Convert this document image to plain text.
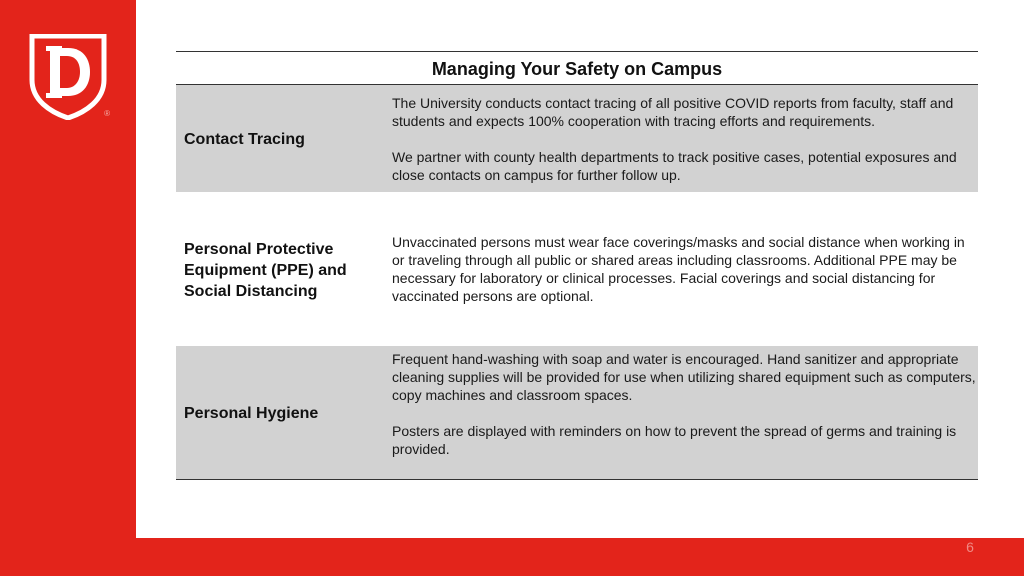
®
Managing Your Safety on Campus
Contact Tracing

The University conducts contact tracing of all positive COVID reports from faculty, staff and students and expects 100% cooperation with tracing efforts and requirements.

We partner with county health departments to track positive cases, potential exposures and close contacts on campus for further follow up.

Personal Protective Equipment (PPE) and Social Distancing

Unvaccinated persons must wear face coverings/masks and social distance when working in or traveling through all public or shared areas including classrooms. Additional PPE may be necessary for laboratory or clinical processes. Facial coverings and social distancing for vaccinated persons are optional.

Personal Hygiene

Frequent hand-washing with soap and water is encouraged. Hand sanitizer and appropriate cleaning supplies will be provided for use when utilizing shared equipment such as computers, copy machines and classroom spaces.

Posters are displayed with reminders on how to prevent the spread of germs and training is provided.

6
